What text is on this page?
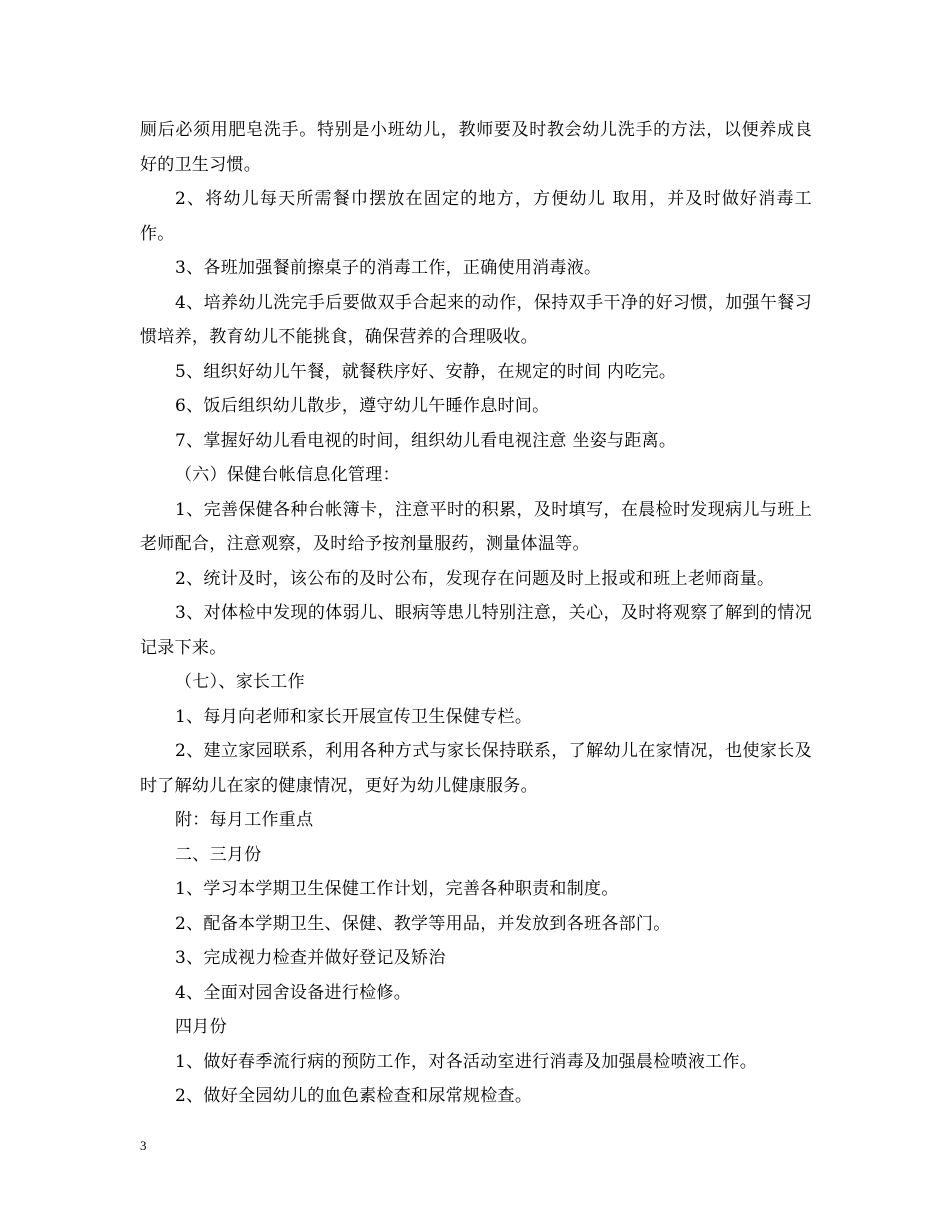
厕后必须用肥皂洗手。特别是小班幼儿，教师要及时教会幼儿洗手的方法，以便养成良好的卫生习惯。

2、将幼儿每天所需餐巾摆放在固定的地方，方便幼儿 取用，并及时做好消毒工作。

3、各班加强餐前擦桌子的消毒工作，正确使用消毒液。

4、培养幼儿洗完手后要做双手合起来的动作，保持双手干净的好习惯，加强午餐习惯培养，教育幼儿不能挑食，确保营养的合理吸收。

5、组织好幼儿午餐，就餐秩序好、安静，在规定的时间 内吃完。

6、饭后组织幼儿散步，遵守幼儿午睡作息时间。

7、掌握好幼儿看电视的时间，组织幼儿看电视注意 坐姿与距离。

（六）保健台帐信息化管理：

1、完善保健各种台帐簿卡，注意平时的积累，及时填写，在晨检时发现病儿与班上老师配合，注意观察，及时给予按剂量服药，测量体温等。

2、统计及时，该公布的及时公布，发现存在问题及时上报或和班上老师商量。

3、对体检中发现的体弱儿、眼病等患儿特别注意，关心，及时将观察了解到的情况记录下来。

（七）、家长工作

1、每月向老师和家长开展宣传卫生保健专栏。

2、建立家园联系，利用各种方式与家长保持联系，了解幼儿在家情况，也使家长及时了解幼儿在家的健康情况，更好为幼儿健康服务。

附：每月工作重点

二、三月份

1、学习本学期卫生保健工作计划，完善各种职责和制度。

2、配备本学期卫生、保健、教学等用品，并发放到各班各部门。

3、完成视力检查并做好登记及矫治

4、全面对园舍设备进行检修。

四月份

1、做好春季流行病的预防工作，对各活动室进行消毒及加强晨检喷液工作。

2、做好全园幼儿的血色素检查和尿常规检查。

3
